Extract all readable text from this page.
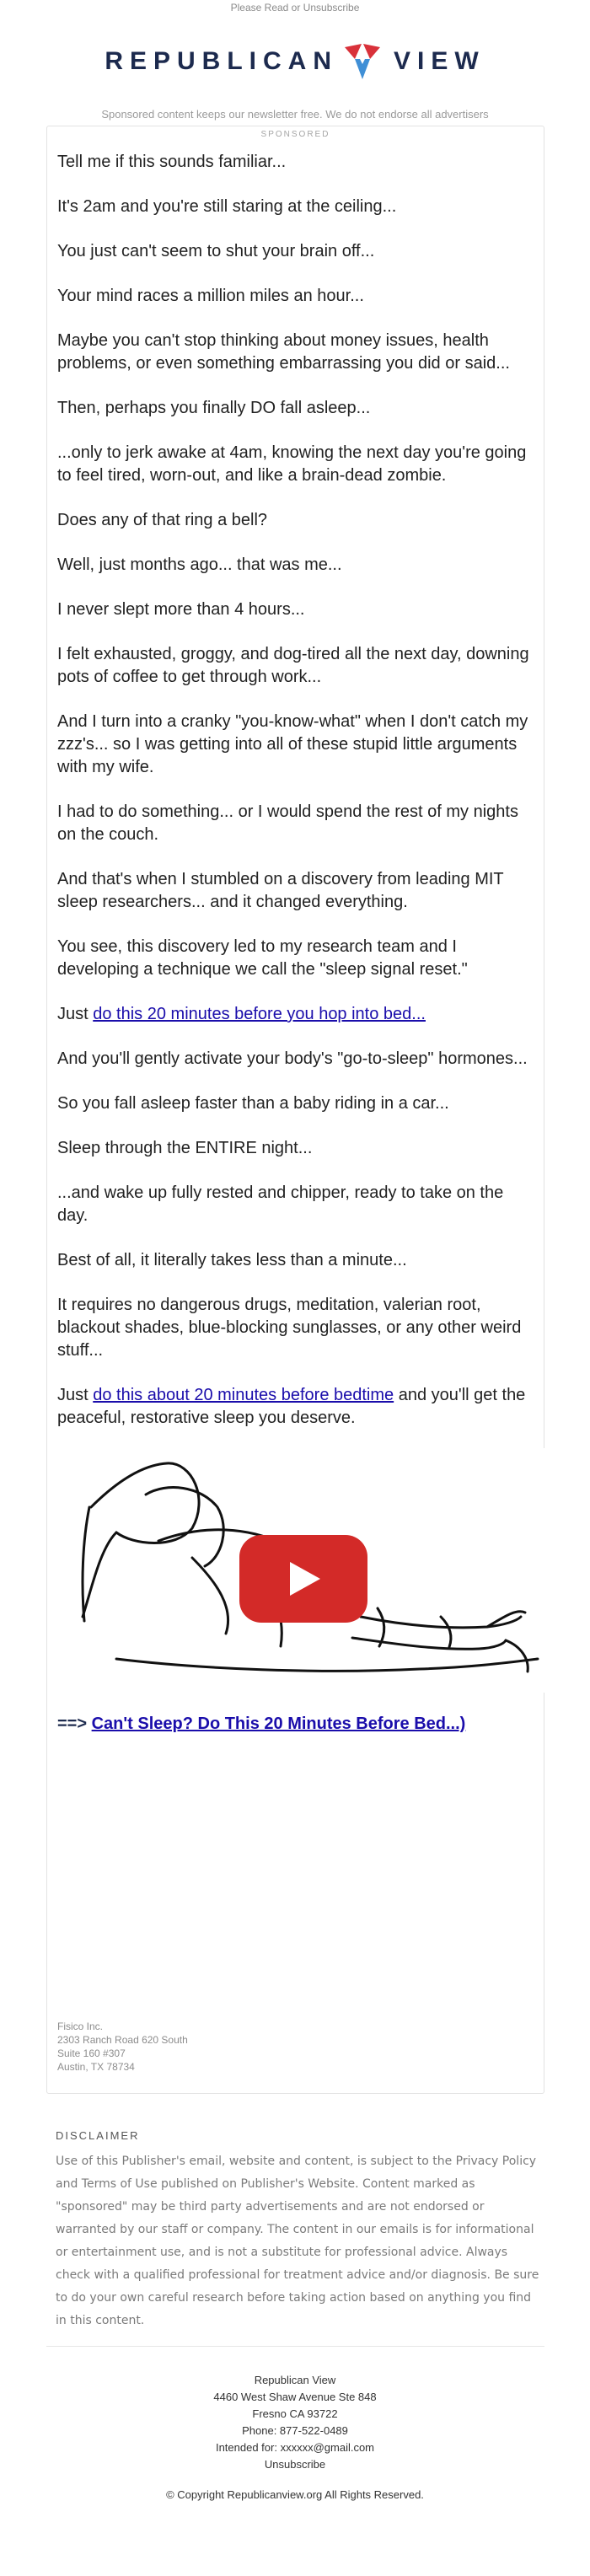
Please Read or Unsubscribe
REPUBLICAN VIEW
Sponsored content keeps our newsletter free. We do not endorse all advertisers
SPONSORED

Tell me if this sounds familiar...

It's 2am and you're still staring at the ceiling...

You just can't seem to shut your brain off...

Your mind races a million miles an hour...

Maybe you can't stop thinking about money issues, health problems, or even something embarrassing you did or said...

Then, perhaps you finally DO fall asleep...

...only to jerk awake at 4am, knowing the next day you're going to feel tired, worn-out, and like a brain-dead zombie.

Does any of that ring a bell?

Well, just months ago... that was me...

I never slept more than 4 hours...

I felt exhausted, groggy, and dog-tired all the next day, downing pots of coffee to get through work...

And I turn into a cranky "you-know-what" when I don't catch my zzz's... so I was getting into all of these stupid little arguments with my wife.

I had to do something... or I would spend the rest of my nights on the couch.

And that's when I stumbled on a discovery from leading MIT sleep researchers... and it changed everything.

You see, this discovery led to my research team and I developing a technique we call the "sleep signal reset."

Just do this 20 minutes before you hop into bed...

And you'll gently activate your body's "go-to-sleep" hormones...

So you fall asleep faster than a baby riding in a car...

Sleep through the ENTIRE night...

...and wake up fully rested and chipper, ready to take on the day.

Best of all, it literally takes less than a minute...

It requires no dangerous drugs, meditation, valerian root, blackout shades, blue-blocking sunglasses, or any other weird stuff...

Just do this about 20 minutes before bedtime and you'll get the peaceful, restorative sleep you deserve.

==> Can't Sleep? Do This 20 Minutes Before Bed...)
Fisico Inc.
2303 Ranch Road 620 South
Suite 160 #307
Austin, TX 78734
DISCLAIMER
Use of this Publisher's email, website and content, is subject to the Privacy Policy and Terms of Use published on Publisher's Website. Content marked as "sponsored" may be third party advertisements and are not endorsed or warranted by our staff or company. The content in our emails is for informational or entertainment use, and is not a substitute for professional advice. Always check with a qualified professional for treatment advice and/or diagnosis. Be sure to do your own careful research before taking action based on anything you find in this content.
Republican View
4460 West Shaw Avenue Ste 848
Fresno CA 93722
Phone: 877-522-0489
Intended for: xxxxxx@gmail.com
Unsubscribe
© Copyright Republicanview.org All Rights Reserved.
